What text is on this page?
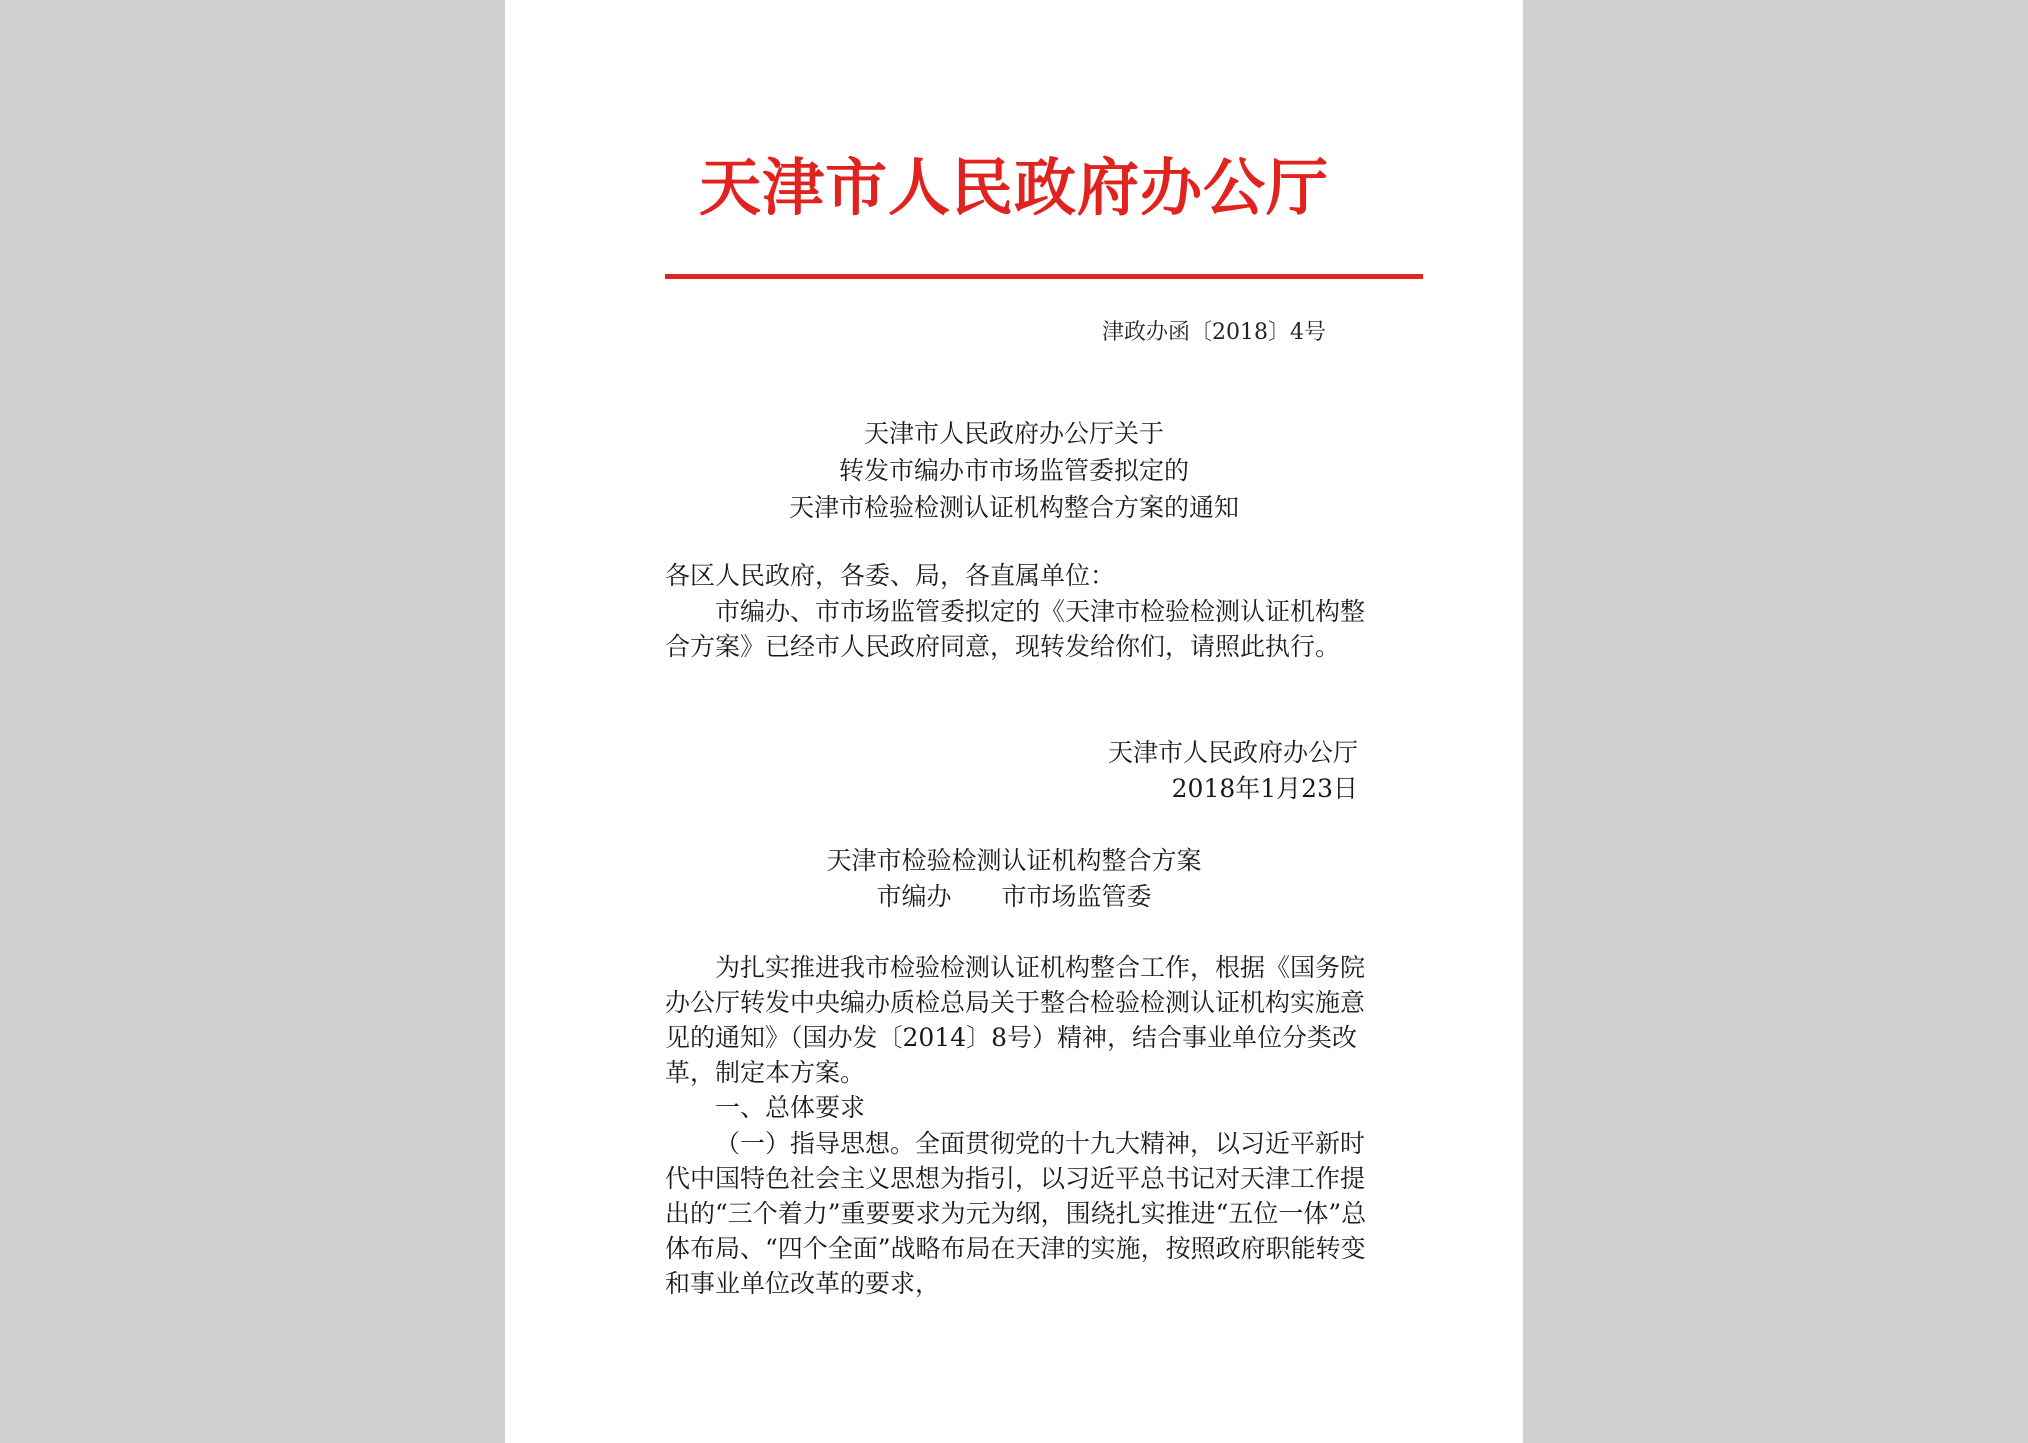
天津市人民政府办公厅
津政办函〔2018〕4号
天津市人民政府办公厅关于
转发市编办市市场监管委拟定的
天津市检验检测认证机构整合方案的通知
各区人民政府，各委、局，各直属单位：
市编办、市市场监管委拟定的《天津市检验检测认证机构整合方案》已经市人民政府同意，现转发给你们，请照此执行。
天津市人民政府办公厅
2018年1月23日
天津市检验检测认证机构整合方案
市编办 市市场监管委
为扎实推进我市检验检测认证机构整合工作，根据《国务院办公厅转发中央编办质检总局关于整合检验检测认证机构实施意见的通知》（国办发〔2014〕8号）精神，结合事业单位分类改革，制定本方案。
一、总体要求
（一）指导思想。全面贯彻党的十九大精神，以习近平新时代中国特色社会主义思想为指引，以习近平总书记对天津工作提出的“三个着力”重要要求为元为纲，围绕扎实推进“五位一体”总体布局、“四个全面”战略布局在天津的实施，按照政府职能转变和事业单位改革的要求，
